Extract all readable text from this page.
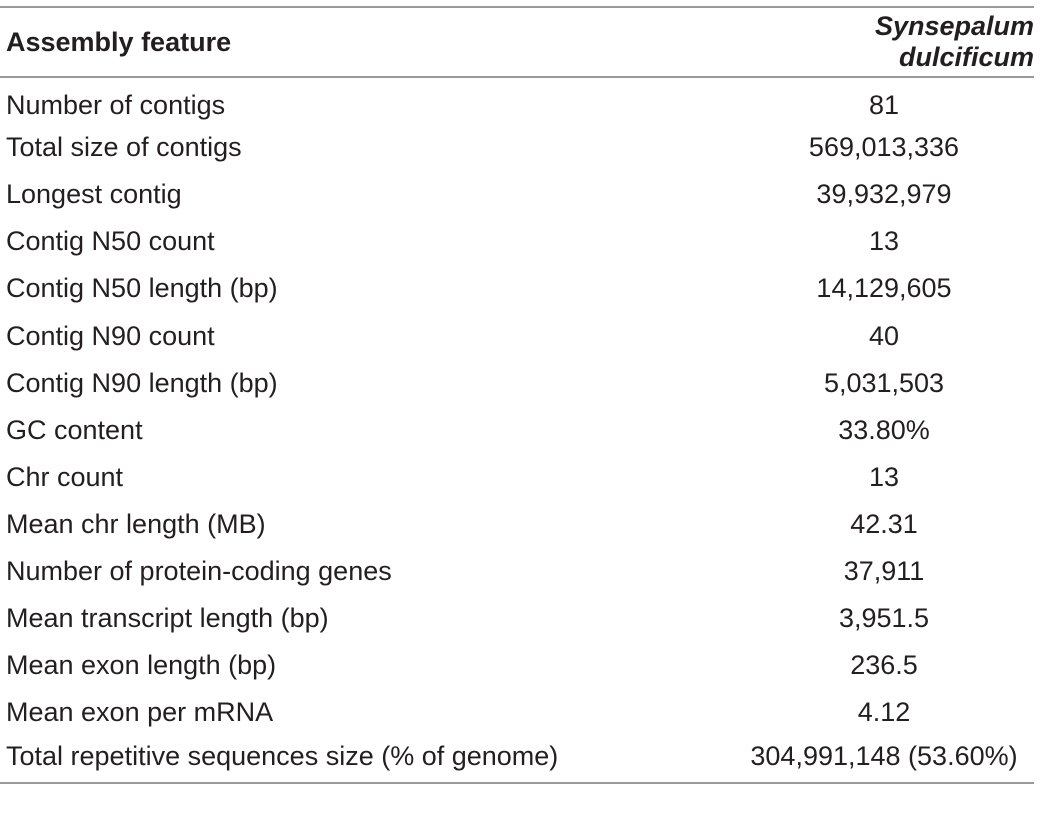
Assembly feature	Synsepalum dulcificum
Number of contigs	81
Total size of contigs	569,013,336
Longest contig	39,932,979
Contig N50 count	13
Contig N50 length (bp)	14,129,605
Contig N90 count	40
Contig N90 length (bp)	5,031,503
GC content	33.80%
Chr count	13
Mean chr length (MB)	42.31
Number of protein-coding genes	37,911
Mean transcript length (bp)	3,951.5
Mean exon length (bp)	236.5
Mean exon per mRNA	4.12
Total repetitive sequences size (% of genome)	304,991,148 (53.60%)
